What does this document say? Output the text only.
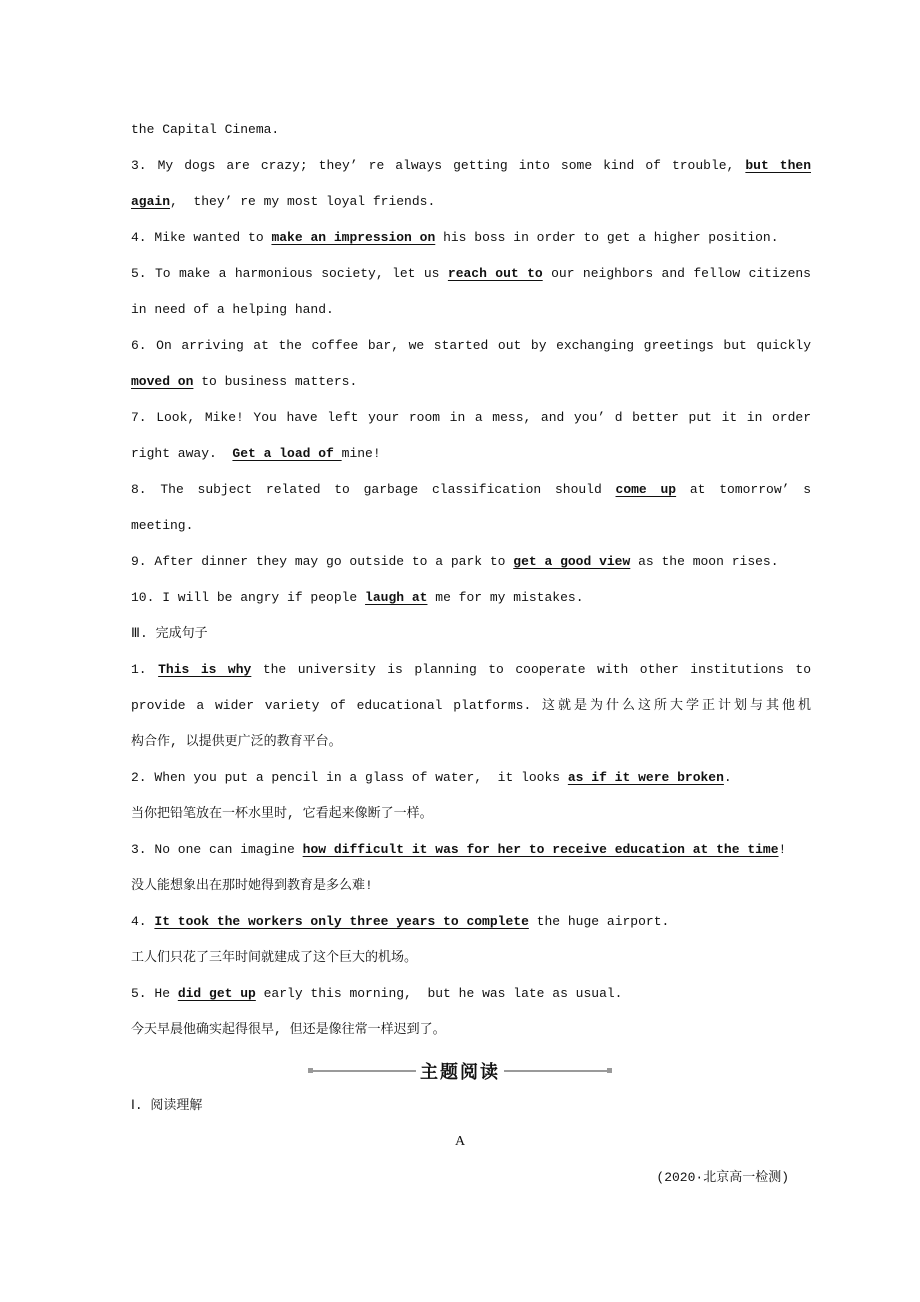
the Capital Cinema.
3. My dogs are crazy; they’ re always getting into some kind of trouble, but then
again,  they’ re my most loyal friends.
4. Mike wanted to make an impression on his boss in order to get a higher position.
5. To make a harmonious society, let us reach out to our neighbors and fellow citizens
in need of a helping hand.
6. On arriving at the coffee bar, we started out by exchanging greetings but quickly
moved on to business matters.
7. Look, Mike! You have left your room in a mess, and you’ d better put it in order
right away.  Get a load of mine!
8. The subject related to garbage classification should come up at tomorrow’ s
meeting.
9. After dinner they may go outside to a park to get a good view as the moon rises.
10. I will be angry if people laugh at me for my mistakes.
Ⅲ. 完成句子
1. This is why the university is planning to cooperate with other institutions to
provide a wider variety of educational platforms. 这就是为什么这所大学正计划与其他机
构合作, 以提供更广泛的教育平台。
2. When you put a pencil in a glass of water,  it looks as if it were broken.
当你把铅笔放在一杯水里时, 它看起来像断了一样。
3. No one can imagine how difficult it was for her to receive education at the time!
没人能想象出在那时她得到教育是多么难!
4. It took the workers only three years to complete the huge airport.
工人们只花了三年时间就建成了这个巨大的机场。
5. He did get up early this morning,  but he was late as usual.
今天早晨他确实起得很早, 但还是像往常一样迟到了。
主题阅读
Ⅰ. 阅读理解
A
(2020·北京高一检测)
